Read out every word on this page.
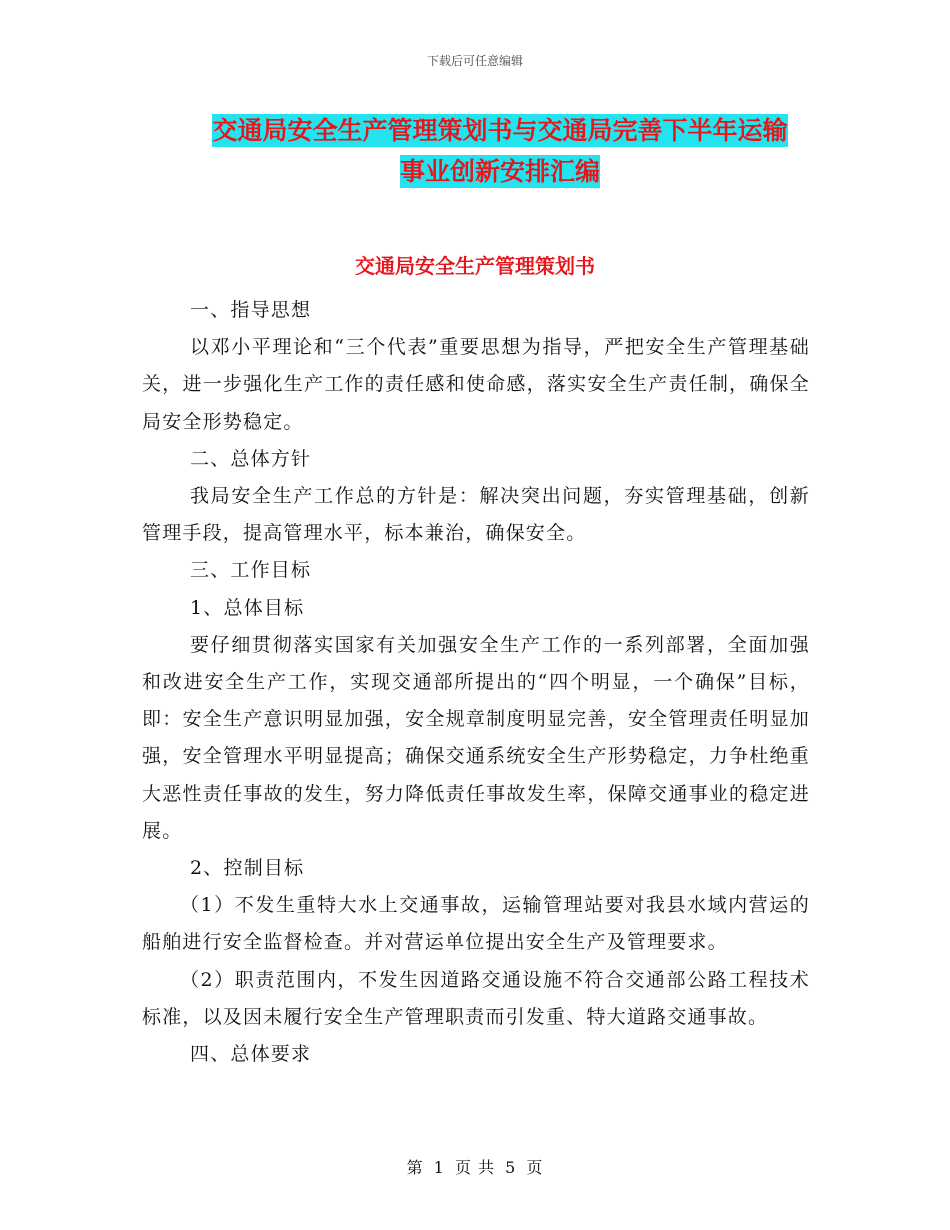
下载后可任意编辑
交通局安全生产管理策划书与交通局完善下半年运输
事业创新安排汇编
交通局安全生产管理策划书

一、指导思想

以邓小平理论和“三个代表”重要思想为指导，严把安全生产管理基础关，进一步强化生产工作的责任感和使命感，落实安全生产责任制，确保全局安全形势稳定。

二、总体方针

我局安全生产工作总的方针是：解决突出问题，夯实管理基础，创新管理手段，提高管理水平，标本兼治，确保安全。

三、工作目标

1、总体目标

要仔细贯彻落实国家有关加强安全生产工作的一系列部署，全面加强和改进安全生产工作，实现交通部所提出的“四个明显，一个确保”目标，即：安全生产意识明显加强，安全规章制度明显完善，安全管理责任明显加强，安全管理水平明显提高；确保交通系统安全生产形势稳定，力争杜绝重大恶性责任事故的发生，努力降低责任事故发生率，保障交通事业的稳定进展。

2、控制目标

（1）不发生重特大水上交通事故，运输管理站要对我县水域内营运的船舶进行安全监督检查。并对营运单位提出安全生产及管理要求。

（2）职责范围内，不发生因道路交通设施不符合交通部公路工程技术标准，以及因未履行安全生产管理职责而引发重、特大道路交通事故。

四、总体要求

第 1 页 共 5 页
